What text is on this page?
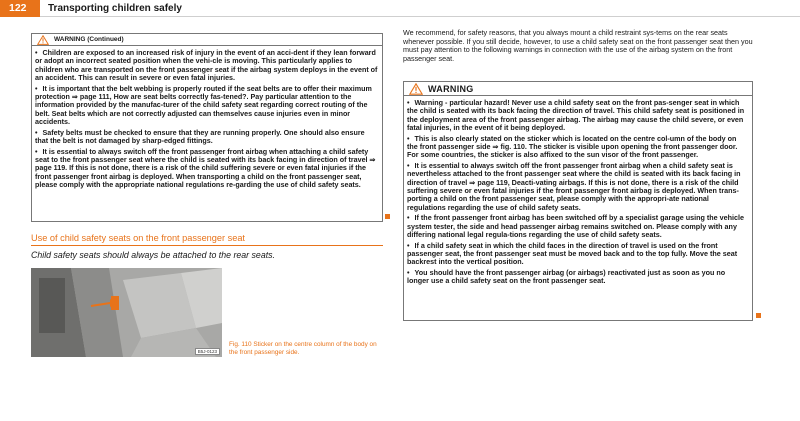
122	Transporting children safely
WARNING (Continued)

• Children are exposed to an increased risk of injury in the event of an acci-dent if they lean forward or adopt an incorrect seated position when the vehi-cle is moving. This particularly applies to children who are transported on the front passenger seat if the airbag system deploys in the event of an accident. This can result in severe or even fatal injuries.

• It is important that the belt webbing is properly routed if the seat belts are to offer their maximum protection ⇒ page 111, How are seat belts correctly fas-tened?. Pay particular attention to the information provided by the manufac-turer of the child safety seat regarding correct routing of the belt. Seat belts which are not correctly adjusted can themselves cause injuries even in minor accidents.

• Safety belts must be checked to ensure that they are running properly. One should also ensure that the belt is not damaged by sharp-edged fittings.

• It is essential to always switch off the front passenger front airbag when attaching a child safety seat to the front passenger seat where the child is seated with its back facing in direction of travel ⇒ page 119. If this is not done, there is a risk of the child suffering severe or even fatal injuries if the front passenger front airbag is deployed. When transporting a child on the front passenger seat, please comply with the appropriate national regulations re-garding the use of child safety seats.

Use of child safety seats on the front passenger seat
Child safety seats should always be attached to the rear seats.
B5J-0123
Fig. 110 Sticker on the centre column of the body on the front passenger side.
We recommend, for safety reasons, that you always mount a child restraint sys-tems on the rear seats whenever possible. If you still decide, however, to use a child safety seat on the front passenger seat then you must pay attention to the following warnings in connection with the use of the airbag system on the front passenger seat.
WARNING

• Warning - particular hazard! Never use a child safety seat on the front pas-senger seat in which the child is seated with its back facing the direction of travel. This child safety seat is positioned in the deployment area of the front passenger airbag. The airbag may cause the child severe, or even fatal injuries, in the event of it being deployed.

• This is also clearly stated on the sticker which is located on the centre col-umn of the body on the front passenger side ⇒ fig. 110. The sticker is visible upon opening the front passenger door. For some countries, the sticker is also affixed to the sun visor of the front passenger.

• It is essential to always switch off the front passenger front airbag when a child safety seat is nevertheless attached to the front passenger seat where the child is seated with its back facing in direction of travel ⇒ page 119, Deacti-vating airbags. If this is not done, there is a risk of the child suffering severe or even fatal injuries if the front passenger front airbag is deployed. When trans-porting a child on the front passenger seat, please comply with the appropri-ate national regulations regarding the use of child safety seats.

• If the front passenger front airbag has been switched off by a specialist garage using the vehicle system tester, the side and head passenger airbag remains switched on. Please comply with any differing national legal regula-tions regarding the use of child safety seats.

• If a child safety seat in which the child faces in the direction of travel is used on the front passenger seat, the front passenger seat must be moved back and to the top fully. Move the seat backrest into the vertical position.

• You should have the front passenger airbag (or airbags) reactivated just as soon as you no longer use a child safety seat on the front passenger seat.
